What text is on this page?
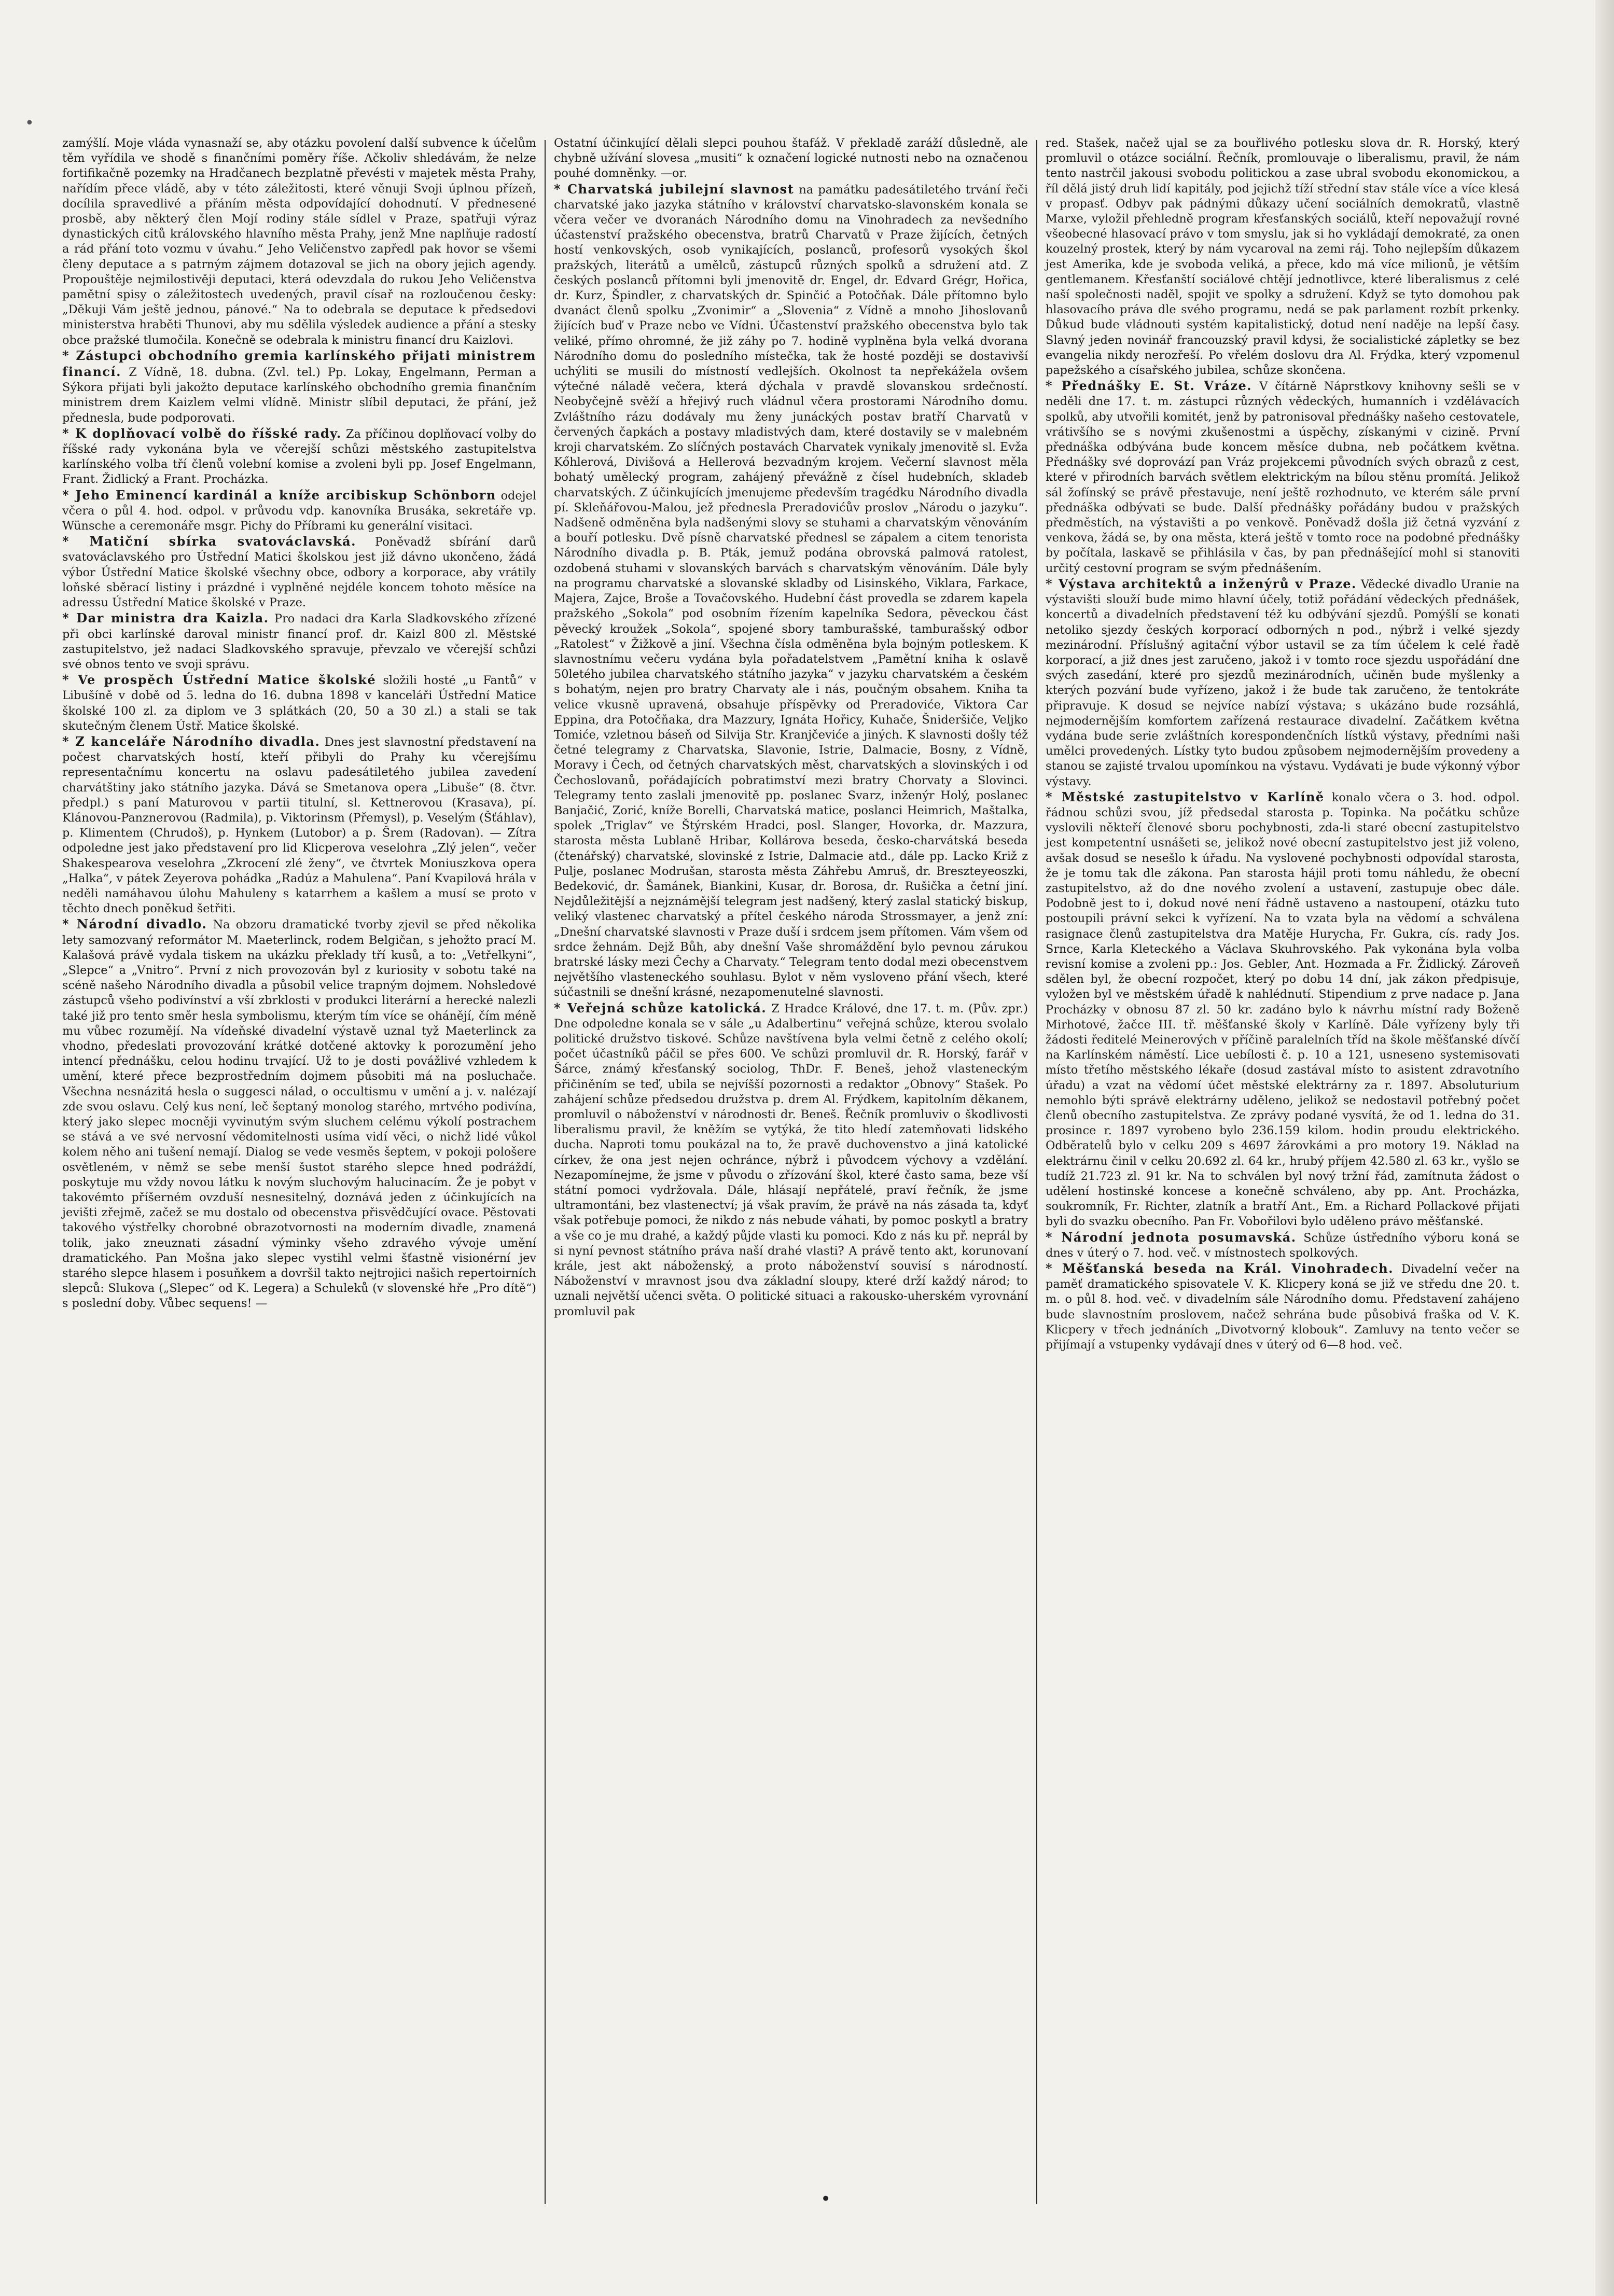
•

zamýšlí. Moje vláda vynasnaží se, aby otázku povolení další subvence k účelům těm vyřídila ve shodě s finančními poměry říše. Ačkoliv shledávám, že nelze fortifikačně pozemky na Hradčanech bezplatně převésti v majetek města Prahy, nařídím přece vládě, aby v této záležitosti, které věnuji Svoji úplnou přízeň, docílila spravedlivé a přáním města odpovídající dohodnutí. V přednesené prosbě, aby některý člen Mojí rodiny stále sídlel v Praze, spatřuji výraz dynastických citů královského hlavního města Prahy, jenž Mne naplňuje radostí a rád přání toto vozmu v úvahu.“ Jeho Veličenstvo zapředl pak hovor se všemi členy deputace a s patrným zájmem dotazoval se jich na obory jejich agendy. Propouštěje nejmilostivěji deputaci, která odevzdala do rukou Jeho Veličenstva pamětní spisy o záležitostech uvedených, pravil císař na rozloučenou česky: „Děkuji Vám ještě jednou, pánové.“ Na to odebrala se deputace k předsedovi ministerstva hraběti Thunovi, aby mu sdělila výsledek audience a přání a stesky obce pražské tlumočila. Konečně se odebrala k ministru financí dru Kaizlovi.

* Zástupci obchodního gremia karlínského přijati ministrem financí. Z Vídně, 18. dubna. (Zvl. tel.) Pp. Lokay, Engelmann, Perman a Sýkora přijati byli jakožto deputace karlínského obchodního gremia finančním ministrem drem Kaizlem velmi vlídně. Ministr slíbil deputaci, že přání, jež přednesla, bude podporovati.

* K doplňovací volbě do říšské rady. Za příčinou doplňovací volby do říšské rady vykonána byla ve včerejší schůzi městského zastupitelstva karlínského volba tří členů volební komise a zvoleni byli pp. Josef Engelmann, Frant. Židlický a Frant. Procházka.

* Jeho Eminencí kardinál a kníže arcibiskup Schönborn odejel včera o půl 4. hod. odpol. v průvodu vdp. kanovníka Brusáka, sekretáře vp. Wünsche a ceremonáře msgr. Pichy do Příbrami ku generální visitaci.

* Matiční sbírka svatováclavská. Poněvadž sbírání darů svatováclavského pro Ústřední Matici školskou jest již dávno ukončeno, žádá výbor Ústřední Matice školské všechny obce, odbory a korporace, aby vrátily loňské sběrací listiny i prázdné i vyplněné nejdéle koncem tohoto měsíce na adressu Ústřední Matice školské v Praze.

* Dar ministra dra Kaizla. Pro nadaci dra Karla Sladkovského zřízené při obci karlínské daroval ministr financí prof. dr. Kaizl 800 zl. Městské zastupitelstvo, jež nadaci Sladkovského spravuje, převzalo ve včerejší schůzi své obnos tento ve svoji správu.

* Ve prospěch Ústřední Matice školské složili hosté „u Fantů“ v Libušíně v době od 5. ledna do 16. dubna 1898 v kanceláři Ústřední Matice školské 100 zl. za diplom ve 3 splátkách (20, 50 a 30 zl.) a stali se tak skutečným členem Ústř. Matice školské.

* Z kanceláře Národního divadla. Dnes jest slavnostní představení na počest charvatských hostí, kteří přibyli do Prahy ku včerejšímu representačnímu koncertu na oslavu padesátiletého jubilea zavedení charvátštiny jako státního jazyka. Dává se Smetanova opera „Libuše“ (8. čtvr. předpl.) s paní Maturovou v partii titulní, sl. Kettnerovou (Krasava), pí. Klánovou-Panznerovou (Radmila), p. Viktorinsm (Přemysl), p. Veselým (Šťáhlav), p. Klimentem (Chrudoš), p. Hynkem (Lutobor) a p. Šrem (Radovan). — Zítra odpoledne jest jako představení pro lid Klicperova veselohra „Zlý jelen“, večer Shakespearova veselohra „Zkrocení zlé ženy“, ve čtvrtek Moniuszkova opera „Halka“, v pátek Zeyerova pohádka „Radúz a Mahulena“. Paní Kvapilová hrála v neděli namáhavou úlohu Mahuleny s katarrhem a kašlem a musí se proto v těchto dnech poněkud šetřiti.

* Národní divadlo. Na obzoru dramatické tvorby zjevil se před několika lety samozvaný reformátor M. Maeterlinck, rodem Belgičan, s jehožto prací M. Kalašová právě vydala tiskem na ukázku překlady tří kusů, a to: „Vetřelkyni“, „Slepce“ a „Vnitro“. První z nich provozován byl z kuriosity v sobotu také na scéně našeho Národního divadla a působil velice trapným dojmem. Nohsledové zástupců všeho podivínství a vší zbrklosti v produkci literární a herecké nalezli také již pro tento směr hesla symbolismu, kterým tím více se ohánějí, čím méně mu vůbec rozumějí. Na vídeňské divadelní výstavě uznal tyž Maeterlinck za vhodno, předeslati provozování krátké dotčené aktovky k porozumění jeho intencí přednášku, celou hodinu trvající. Už to je dosti povážlivé vzhledem k umění, které přece bezprostředním dojmem působiti má na posluchače. Všechna nesnázitá hesla o suggesci nálad, o occultismu v umění a j. v. nalézají zde svou oslavu. Celý kus není, leč šeptaný monolog starého, mrtvého podivína, který jako slepec mocněji vyvinutým svým sluchem celému výkolí postrachem se stává a ve své nervosní vědomitelnosti usíma vidí věci, o nichž lidé vůkol kolem něho ani tušení nemají. Dialog se vede vesměs šeptem, v pokoji pološere osvětleném, v němž se sebe menší šustot starého slepce hned podráždí, poskytuje mu vždy novou látku k novým sluchovým halucinacím. Že je pobyt v takovémto příšerném ovzduší nesnesitelný, doznává jeden z účinkujících na jevišti zřejmě, začež se mu dostalo od obecenstva přisvědčující ovace. Pěstovati takového výstřelky chorobné obrazotvornosti na moderním divadle, znamená tolik, jako zneuznati zásadní výminky všeho zdravého vývoje umění dramatického. Pan Mošna jako slepec vystihl velmi šťastně visionérní jev starého slepce hlasem i posuňkem a dovršil takto nejtrojici našich repertoirních slepců: Slukova („Slepec“ od K. Legera) a Schuleků (v slovenské hře „Pro dítě“) s poslední doby. Vůbec sequens! —

Ostatní účinkující dělali slepci pouhou štafáž. V překladě zaráží důsledně, ale chybně užívání slovesa „musiti“ k označení logické nutnosti nebo na označenou pouhé domněnky. —or.

* Charvatská jubilejní slavnost na památku padesátiletého trvání řeči charvatské jako jazyka státního v království charvatsko-slavonském konala se včera večer ve dvoranách Národního domu na Vinohradech za nevšedního účastenství pražského obecenstva, bratrů Charvatů v Praze žijících, četných hostí venkovských, osob vynikajících, poslanců, profesorů vysokých škol pražských, literátů a umělců, zástupců různých spolků a sdružení atd. Z českých poslanců přítomni byli jmenovitě dr. Engel, dr. Edvard Grégr, Hořica, dr. Kurz, Špindler, z charvatských dr. Spinčić a Potočňak. Dále přítomno bylo dvanáct členů spolku „Zvonimir“ a „Slovenia“ z Vídně a mnoho Jihoslovanů žijících buď v Praze nebo ve Vídni. Účastenství pražského obecenstva bylo tak veliké, přímo ohromné, že již záhy po 7. hodině vyplněna byla velká dvorana Národního domu do posledního místečka, tak že hosté později se dostavivší uchýliti se musili do místností vedlejších. Okolnost ta nepřekážela ovšem výtečné náladě večera, která dýchala v pravdě slovanskou srdečností. Neobyčejně svěží a hřejivý ruch vládnul včera prostorami Národního domu. Zvláštního rázu dodávaly mu ženy junáckých postav bratří Charvatů v červených čapkách a postavy mladistvých dam, které dostavily se v malebném kroji charvatském. Zo slíčných postavách Charvatek vynikaly jmenovitě sl. Evža Kőhlerová, Divišová a Hellerová bezvadným krojem. Večerní slavnost měla bohatý umělecký program, zahájený převážně z čísel hudebních, skladeb charvatských. Z účinkujících jmenujeme především tragédku Národního divadla pí. Skleňářovou-Malou, jež přednesla Preradovićův proslov „Národu o jazyku“. Nadšeně odměněna byla nadšenými slovy se stuhami a charvatským věnováním a bouří potlesku. Dvě písně charvatské přednesl se zápalem a citem tenorista Národního divadla p. B. Pták, jemuž podána obrovská palmová ratolest, ozdobená stuhami v slovanských barvách s charvatským věnováním. Dále byly na programu charvatské a slovanské skladby od Lisinského, Viklara, Farkace, Majera, Zajce, Broše a Tovačovského. Hudební část provedla se zdarem kapela pražského „Sokola“ pod osobním řízením kapelníka Sedora, pěveckou část pěvecký kroužek „Sokola“, spojené sbory tamburašské, tamburašský odbor „Ratolest“ v Žižkově a jiní. Všechna čísla odměněna byla bojným potleskem. K slavnostnímu večeru vydána byla pořadatelstvem „Pamětní kniha k oslavě 50letého jubilea charvatského státního jazyka“ v jazyku charvatském a českém s bohatým, nejen pro bratry Charvaty ale i nás, poučným obsahem. Kniha ta velice vkusně upravená, obsahuje příspěvky od Preradoviće, Viktora Car Eppina, dra Potočňaka, dra Mazzury, Ignáta Hořicy, Kuhače, Šnideršiče, Veljko Tomiće, vzletnou báseň od Silvija Str. Kranjčeviće a jiných. K slavnosti došly též četné telegramy z Charvatska, Slavonie, Istrie, Dalmacie, Bosny, z Vídně, Moravy i Čech, od četných charvatských měst, charvatských a slovinských i od Čechoslovanů, pořádajících pobratimství mezi bratry Chorvaty a Slovinci. Telegramy tento zaslali jmenovitě pp. poslanec Svarz, inženýr Holý, poslanec Banjačić, Zorić, kníže Borelli, Charvatská matice, poslanci Heimrich, Maštalka, spolek „Triglav“ ve Štýrském Hradci, posl. Slanger, Hovorka, dr. Mazzura, starosta města Lublaně Hribar, Kollárova beseda, česko-charvátská beseda (čtenářský) charvatské, slovinské z Istrie, Dalmacie atd., dále pp. Lacko Križ z Pulje, poslanec Modrušan, starosta města Záhřebu Amruš, dr. Breszteyeoszki, Bedeković, dr. Šamánek, Biankini, Kusar, dr. Borosa, dr. Rušička a četní jiní. Nejdůležitější a nejznámější telegram jest nadšený, který zaslal statický biskup, veliký vlastenec charvatský a přítel českého národa Strossmayer, a jenž zní: „Dnešní charvatské slavnosti v Praze duší i srdcem jsem přítomen. Vám všem od srdce žehnám. Dejž Bůh, aby dnešní Vaše shromáždění bylo pevnou zárukou bratrské lásky mezi Čechy a Charvaty.“ Telegram tento dodal mezi obecenstvem největšího vlasteneckého souhlasu. Bylot v něm vysloveno přání všech, které súčastnili se dnešní krásné, nezapomenutelné slavnosti.

* Veřejná schůze katolická. Z Hradce Králové, dne 17. t. m. (Pův. zpr.) Dne odpoledne konala se v sále „u Adalbertinu“ veřejná schůze, kterou svolalo politické družstvo tiskové. Schůze navštívena byla velmi četně z celého okolí; počet účastníků páčil se přes 600. Ve schůzi promluvil dr. R. Horský, farář v Šárce, známý křesťanský sociolog, ThDr. F. Beneš, jehož vlasteneckým přičiněním se teď, ubila se nejvíšší pozornosti a redaktor „Obnovy“ Stašek. Po zahájení schůze předsedou družstva p. drem Al. Frýdkem, kapitolním děkanem, promluvil o náboženství v národnosti dr. Beneš. Řečník promluviv o škodlivosti liberalismu pravil, že kněžím se vytýká, že tito hledí zatemňovati lidského ducha. Naproti tomu poukázal na to, že pravě duchovenstvo a jiná katolické církev, že ona jest nejen ochránce, nýbrž i původcem výchovy a vzdělání. Nezapomínejme, že jsme v původu o zřízování škol, které často sama, beze vší státní pomoci vydržovala. Dále, hlásají nepřátelé, praví řečník, že jsme ultramontáni, bez vlastenectví; já však pravím, že právě na nás zásada ta, kdyť však potřebuje pomoci, že nikdo z nás nebude váhati, by pomoc poskytl a bratry a vše co je mu drahé, a každý půjde vlasti ku pomoci. Kdo z nás ku př. neprál by si nyní pevnost státního práva naší drahé vlasti? A právě tento akt, korunovaní krále, jest akt náboženský, a proto náboženství souvisí s národností. Náboženství v mravnost jsou dva základní sloupy, které drží každý národ; to uznali největší učenci světa. O politické situaci a rakousko-uherském vyrovnání promluvil pak

red. Stašek, načež ujal se za bouřlivého potlesku slova dr. R. Horský, který promluvil o otázce sociální. Řečník, promlouvaje o liberalismu, pravil, že nám tento nastrčil jakousi svobodu politickou a zase ubral svobodu ekonomickou, a říl dělá jistý druh lidí kapitály, pod jejichž tíží střední stav stále více a více klesá v propasť. Odbyv pak pádnými důkazy učení sociálních demokratů, vlastně Marxe, vyložil přehledně program křesťanských sociálů, kteří nepovažují rovné všeobecné hlasovací právo v tom smyslu, jak si ho vykládají demokraté, za onen kouzelný prostek, který by nám vycaroval na zemi ráj. Toho nejlepším důkazem jest Amerika, kde je svoboda veliká, a přece, kdo má více milionů, je větším gentlemanem. Křesťanští sociálové chtějí jednotlivce, které liberalismus z celé naší společnosti naděl, spojit ve spolky a sdružení. Když se tyto domohou pak hlasovacího práva dle svého programu, nedá se pak parlament rozbít prkenky. Důkud bude vládnouti systém kapitalistický, dotud není naděje na lepší časy. Slavný jeden novinář francouzský pravil kdysi, že socialistické zápletky se bez evangelia nikdy nerozřeší. Po vřelém doslovu dra Al. Frýdka, který vzpomenul papežského a císařského jubilea, schůze skončena.

* Přednášky E. St. Vrázе. V čítárně Náprstkovy knihovny sešli se v neděli dne 17. t. m. zástupci různých vědeckých, humanních i vzdělávacích spolků, aby utvořili komitét, jenž by patronisoval přednášky našeho cestovatele, vrátivšího se s novými zkušenostmi a úspěchy, získanými v cizině. První přednáška odbývána bude koncem měsíce dubna, neb počátkem května. Přednášky své doprovází pan Vráz projekcemi původních svých obrazů z cest, které v přirodních barvách světlem elektrickým na bílou stěnu promítá. Jelikož sál žofínský se právě přestavuje, není ještě rozhodnuto, ve kterém sále první přednáška odbývati se bude. Další přednášky pořádány budou v pražských předměstích, na výstavišti a po venkově. Poněvadž došla již četná vyzvání z venkova, žádá se, by ona města, která ještě v tomto roce na podobné přednášky by počítala, laskavě se přihlásila v čas, by pan přednášející mohl si stanoviti určitý cestovní program se svým přednášením.

* Výstava architektů a inženýrů v Praze. Vědecké divadlo Uranie na výstavišti slouží bude mimo hlavní účely, totiž pořádání vědeckých přednášek, koncertů a divadelních představení též ku odbývání sjezdů. Pomýšlí se konati netoliko sjezdy českých korporací odborných n pod., nýbrž i velké sjezdy mezinárodní. Příslušný agitační výbor ustavil se za tím účelem k celé řadě korporací, a již dnes jest zaručeno, jakož i v tomto roce sjezdu uspořádání dne svých zasedání, které pro sjezdů mezinárodních, učiněn bude myšlenky a kterých pozvání bude vyřízeno, jakož i že bude tak zaručeno, že tentokráte připravuje. K dosud se nejvíce nabízí výstava; s ukázáno bude rozsáhlá, nejmodernějším komfortem zařízená restaurace divadelní. Začátkem května vydána bude serie zvláštních korespondenčních lístků výstavy, předními naši umělci provedených. Lístky tyto budou způsobem nejmodernějším provedeny a stanou se zajisté trvalou upomínkou na výstavu. Vydávati je bude výkonný výbor výstavy.

* Městské zastupitelstvo v Karlíně konalo včera o 3. hod. odpol. řádnou schůzi svou, jíž předsedal starosta p. Topinka. Na počátku schůze vyslovili někteří členové sboru pochybnosti, zda-li staré obecní zastupitelstvo jest kompetentní usnášeti se, jelikož nové obecní zastupitelstvo jest již voleno, avšak dosud se nesešlo k úřadu. Na vyslovené pochybnosti odpovídal starosta, že je tomu tak dle zákona. Pan starosta hájil proti tomu náhledu, že obecní zastupitelstvo, až do dne nového zvolení a ustavení, zastupuje obec dále. Podobně jest to i, dokud nové není řádně ustaveno a nastoupení, otázku tuto postoupili právní sekci k vyřízení. Na to vzata byla na vědomí a schválena rasignace členů zastupitelstva dra Matěje Hurycha, Fr. Gukra, cís. rady Jos. Srnce, Karla Kleteckého a Václava Skuhrovského. Pak vykonána byla volba revisní komise a zvoleni pp.: Jos. Gebler, Ant. Hozmada a Fr. Židlický. Zároveň sdělen byl, že obecní rozpočet, který po dobu 14 dní, jak zákon předpisuje, vyložen byl ve městském úřadě k nahlédnutí. Stipendium z prve nadace p. Jana Procházky v obnosu 87 zl. 50 kr. zadáno bylo k návrhu místní rady Boženě Mirhotové, žačce III. tř. měšťanské školy v Karlíně. Dále vyřízeny byly tři žádosti ředitelé Meinerových v příčině paralelních tříd na škole měšťanské dívčí na Karlínském náměstí. Lice uebílosti č. p. 10 a 121, usneseno systemisovati místo třetího městského lékaře (dosud zastával místo to asistent zdravotního úřadu) a vzat na vědomí účet městské elektrárny za r. 1897. Absoluturium nemohlo býti správě elektrárny uděleno, jelikož se nedostavil potřebný počet členů obecního zastupitelstva. Ze zprávy podané vysvítá, že od 1. ledna do 31. prosince r. 1897 vyrobeno bylo 236.159 kilom. hodin proudu elektrického. Odběratelů bylo v celku 209 s 4697 žárovkámi a pro motory 19. Náklad na elektrárnu činil v celku 20.692 zl. 64 kr., hrubý příjem 42.580 zl. 63 kr., vyšlo se tudíž 21.723 zl. 91 kr. Na to schválen byl nový tržní řád, zamítnuta žádost o udělení hostinské koncese a konečně schváleno, aby pp. Ant. Procházka, soukromník, Fr. Richter, zlatník a bratří Ant., Em. a Richard Pollackové přijati byli do svazku obecního. Pan Fr. Vobořilovi bylo uděleno právo měšťanské.

* Národní jednota posumavská. Schůze ústředního výboru koná se dnes v úterý o 7. hod. več. v místnostech spolkových.

* Měšťanská beseda na Král. Vinohradech. Divadelní večer na paměť dramatického spisovatele V. K. Klicpery koná se již ve středu dne 20. t. m. o půl 8. hod. več. v divadelním sále Národního domu. Představení zahájeno bude slavnostním proslovem, načež sehrána bude působivá fraška od V. K. Klicpery v třech jednáních „Divotvorný klobouk“. Zamluvy na tento večer se přijímají a vstupenky vydávají dnes v úterý od 6—8 hod. več.

•
